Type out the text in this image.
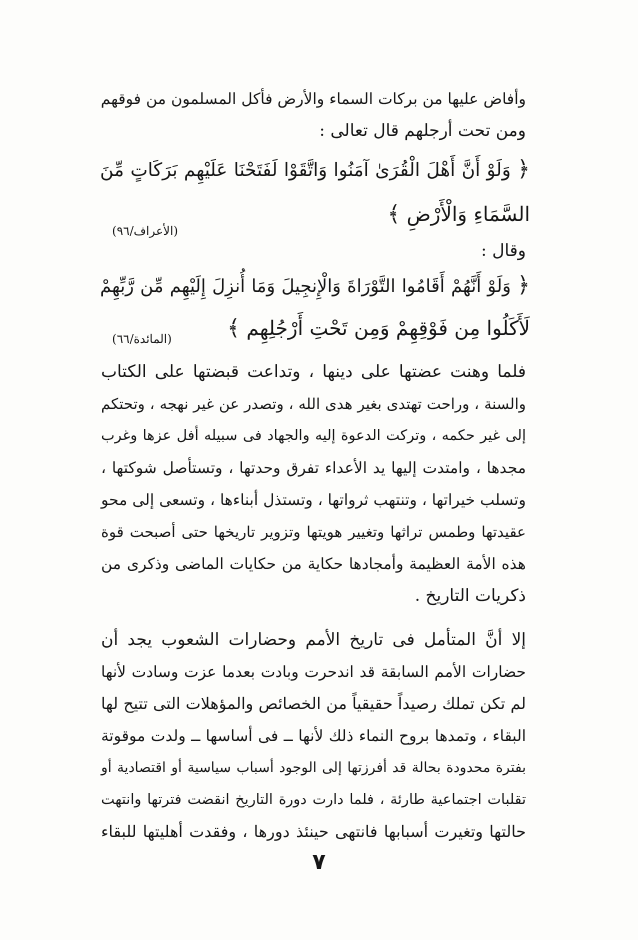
وأفاض عليها من بركات السماء والأرض فأكل المسلمون من فوقهم
ومن تحت أرجلهم قال تعالى :
﴿ وَلَوْ أَنَّ أَهْلَ الْقُرَىٰ آمَنُوا وَاتَّقَوْا لَفَتَحْنَا عَلَيْهِم بَرَكَاتٍ مِّنَ
السَّمَاءِ وَالْأَرْضِ ﴾
(الأعراف/٩٦)
وقال :
﴿ وَلَوْ أَنَّهُمْ أَقَامُوا التَّوْرَاةَ وَالْإِنجِيلَ وَمَا أُنزِلَ إِلَيْهِم مِّن رَّبِّهِمْ
لَأَكَلُوا مِن فَوْقِهِمْ وَمِن تَحْتِ أَرْجُلِهِم ﴾
(المائدة/٦٦)
فلما وهنت عضتها على دينها ، وتداعت قبضتها على الكتاب
والسنة ، وراحت تهتدى بغير هدى الله ، وتصدر عن غير نهجه ، وتحتكم
إلى غير حكمه ، وتركت الدعوة إليه والجهاد فى سبيله أفل عزها وغرب
مجدها ، وامتدت إليها يد الأعداء تفرق وحدتها ، وتستأصل شوكتها ،
وتسلب خيراتها ، وتنتهب ثرواتها ، وتستذل أبناءها ، وتسعى إلى محو
عقيدتها وطمس تراثها وتغيير هويتها وتزوير تاريخها حتى أصبحت قوة
هذه الأمة العظيمة وأمجادها حكاية من حكايات الماضى وذكرى من
ذكريات التاريخ .
إلا أنَّ المتأمل فى تاريخ الأمم وحضارات الشعوب يجد أن
حضارات الأمم السابقة قد اندحرت وبادت بعدما عزت وسادت لأنها
لم تكن تملك رصيداً حقيقياً من الخصائص والمؤهلات التى تتيح لها
البقاء ، وتمدها بروح النماء ذلك لأنها ــ فى أساسها ــ ولدت موقوتة
بفترة محدودة بحالة قد أفرزتها إلى الوجود أسباب سياسية أو اقتصادية أو
تقلبات اجتماعية طارئة ، فلما دارت دورة التاريخ انقضت فترتها وانتهت
حالتها وتغيرت أسبابها فانتهى حينئذ دورها ، وفقدت أهليتها للبقاء
٧
